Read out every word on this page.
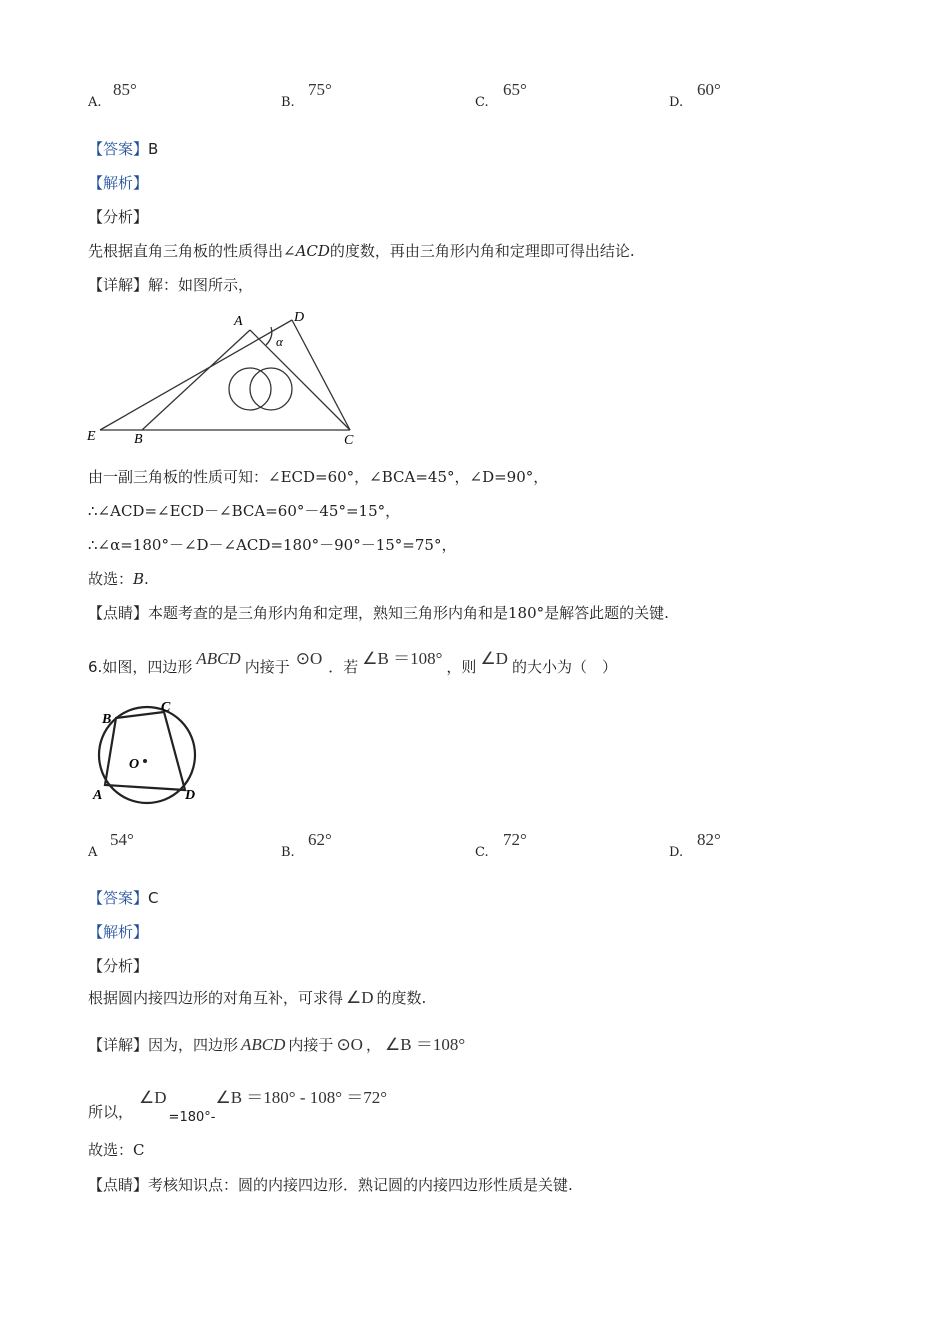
A.
85°
B.
75°
C.
65°
D.
60°
【答案】B
【解析】
【分析】
先根据直角三角板的性质得出∠ACD的度数，再由三角形内角和定理即可得出结论.
【详解】解：如图所示，
A	D
α
E	B	C
由一副三角板的性质可知：∠ECD=60°，∠BCA=45°，∠D=90°，
∴∠ACD=∠ECD－∠BCA=60°－45°=15°，
∴∠α=180°－∠D－∠ACD=180°－90°－15°=75°，
故选：B.
【点睛】本题考查的是三角形内角和定理，熟知三角形内角和是180°是解答此题的关键.
6.如图，四边形 ABCD 内接于 ⊙O ．若 ∠B ＝108° ，则 ∠D 的大小为（　）
B
C
O
A	D
A
54°
B.
62°
C.
72°
D.
82°
【答案】C
【解析】
【分析】
根据圆内接四边形的对角互补，可求得 ∠D 的度数.
【详解】因为，四边形 ABCD 内接于 ⊙O ， ∠B ＝108°
所以，∠D=180°-∠B ＝180° - 108° ＝72°
故选：C
【点睛】考核知识点：圆的内接四边形．熟记圆的内接四边形性质是关键.
